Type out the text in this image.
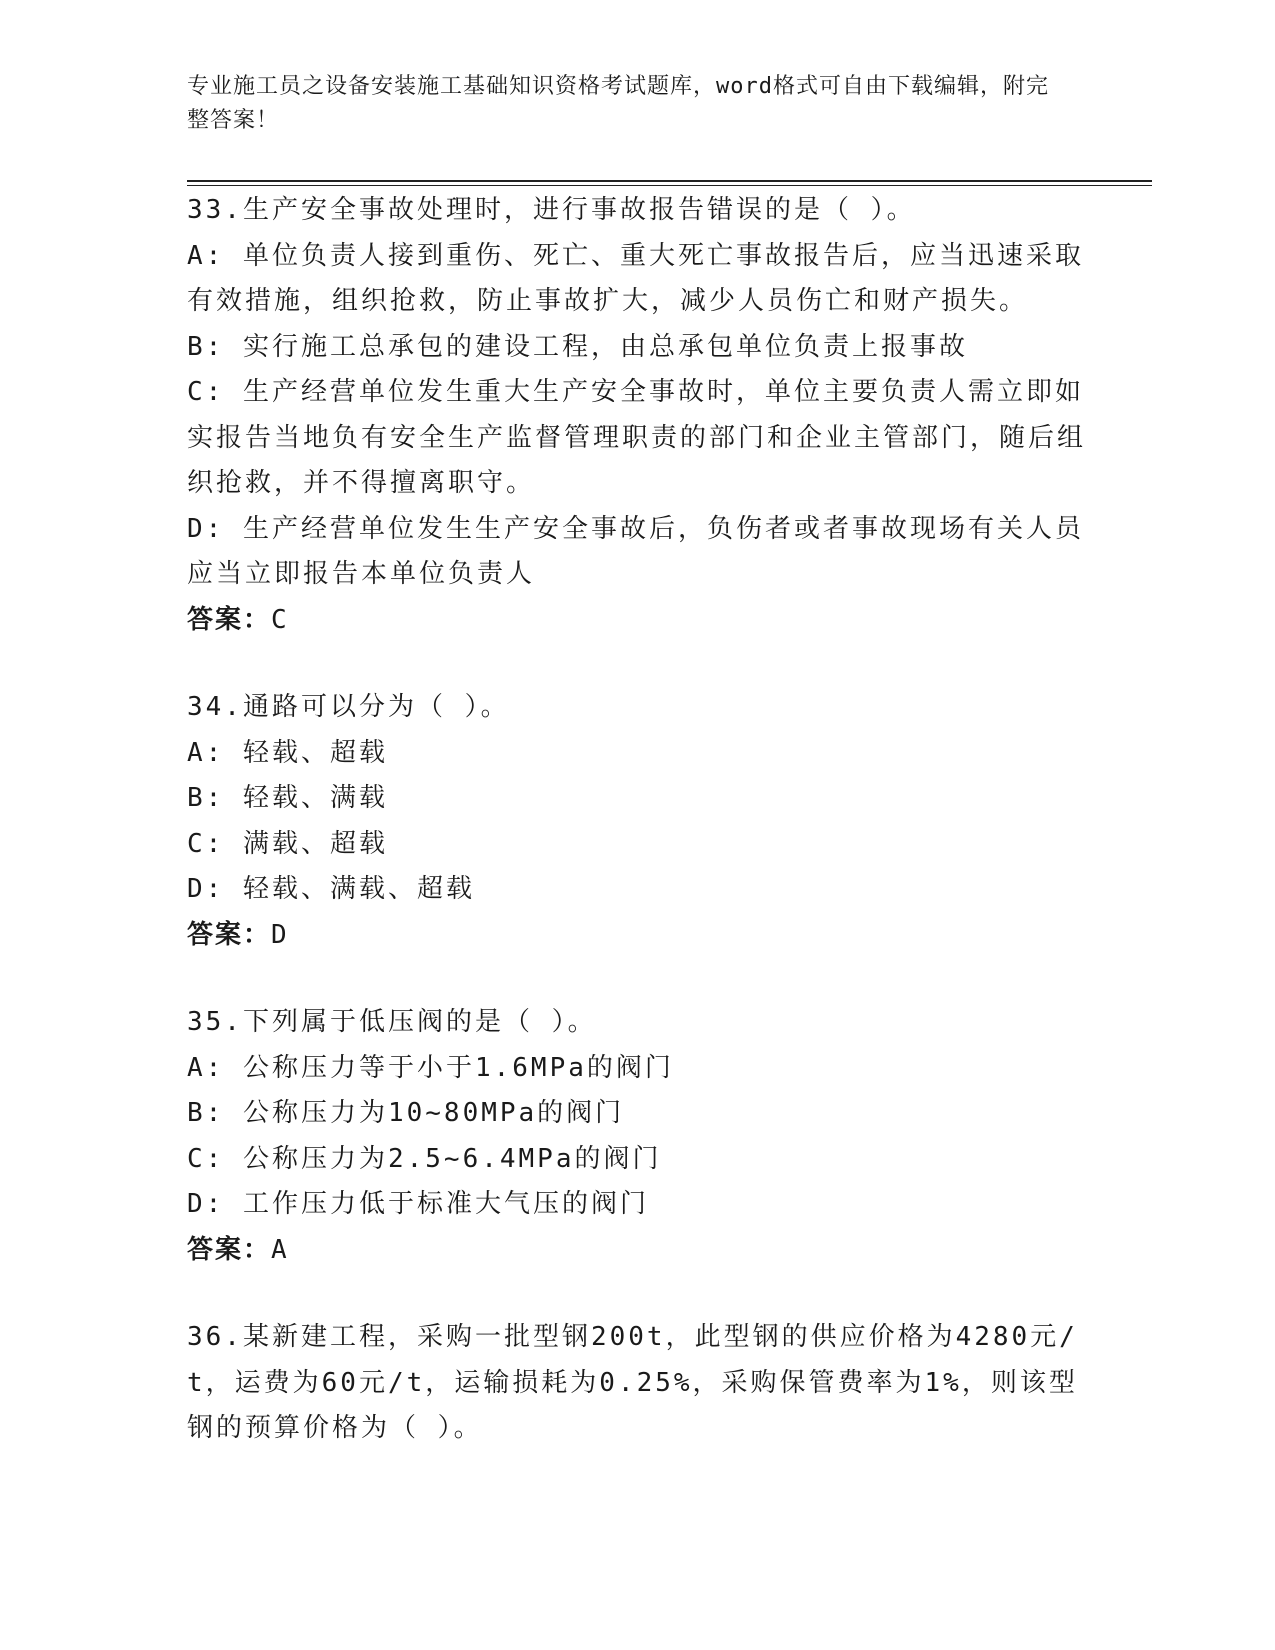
专业施工员之设备安装施工基础知识资格考试题库，word格式可自由下载编辑，附完整答案！
33.生产安全事故处理时，进行事故报告错误的是（ ）。
A: 单位负责人接到重伤、死亡、重大死亡事故报告后，应当迅速采取有效措施，组织抢救，防止事故扩大，减少人员伤亡和财产损失。
B: 实行施工总承包的建设工程，由总承包单位负责上报事故
C: 生产经营单位发生重大生产安全事故时，单位主要负责人需立即如实报告当地负有安全生产监督管理职责的部门和企业主管部门，随后组织抢救，并不得擅离职守。
D: 生产经营单位发生生产安全事故后，负伤者或者事故现场有关人员应当立即报告本单位负责人
答案：C
34.通路可以分为（ ）。
A: 轻载、超载
B: 轻载、满载
C: 满载、超载
D: 轻载、满载、超载
答案：D
35.下列属于低压阀的是（ ）。
A: 公称压力等于小于1.6MPa的阀门
B: 公称压力为10~80MPa的阀门
C: 公称压力为2.5~6.4MPa的阀门
D: 工作压力低于标准大气压的阀门
答案：A
36.某新建工程，采购一批型钢200t，此型钢的供应价格为4280元/t，运费为60元/t，运输损耗为0.25%，采购保管费率为1%，则该型钢的预算价格为（ ）。
